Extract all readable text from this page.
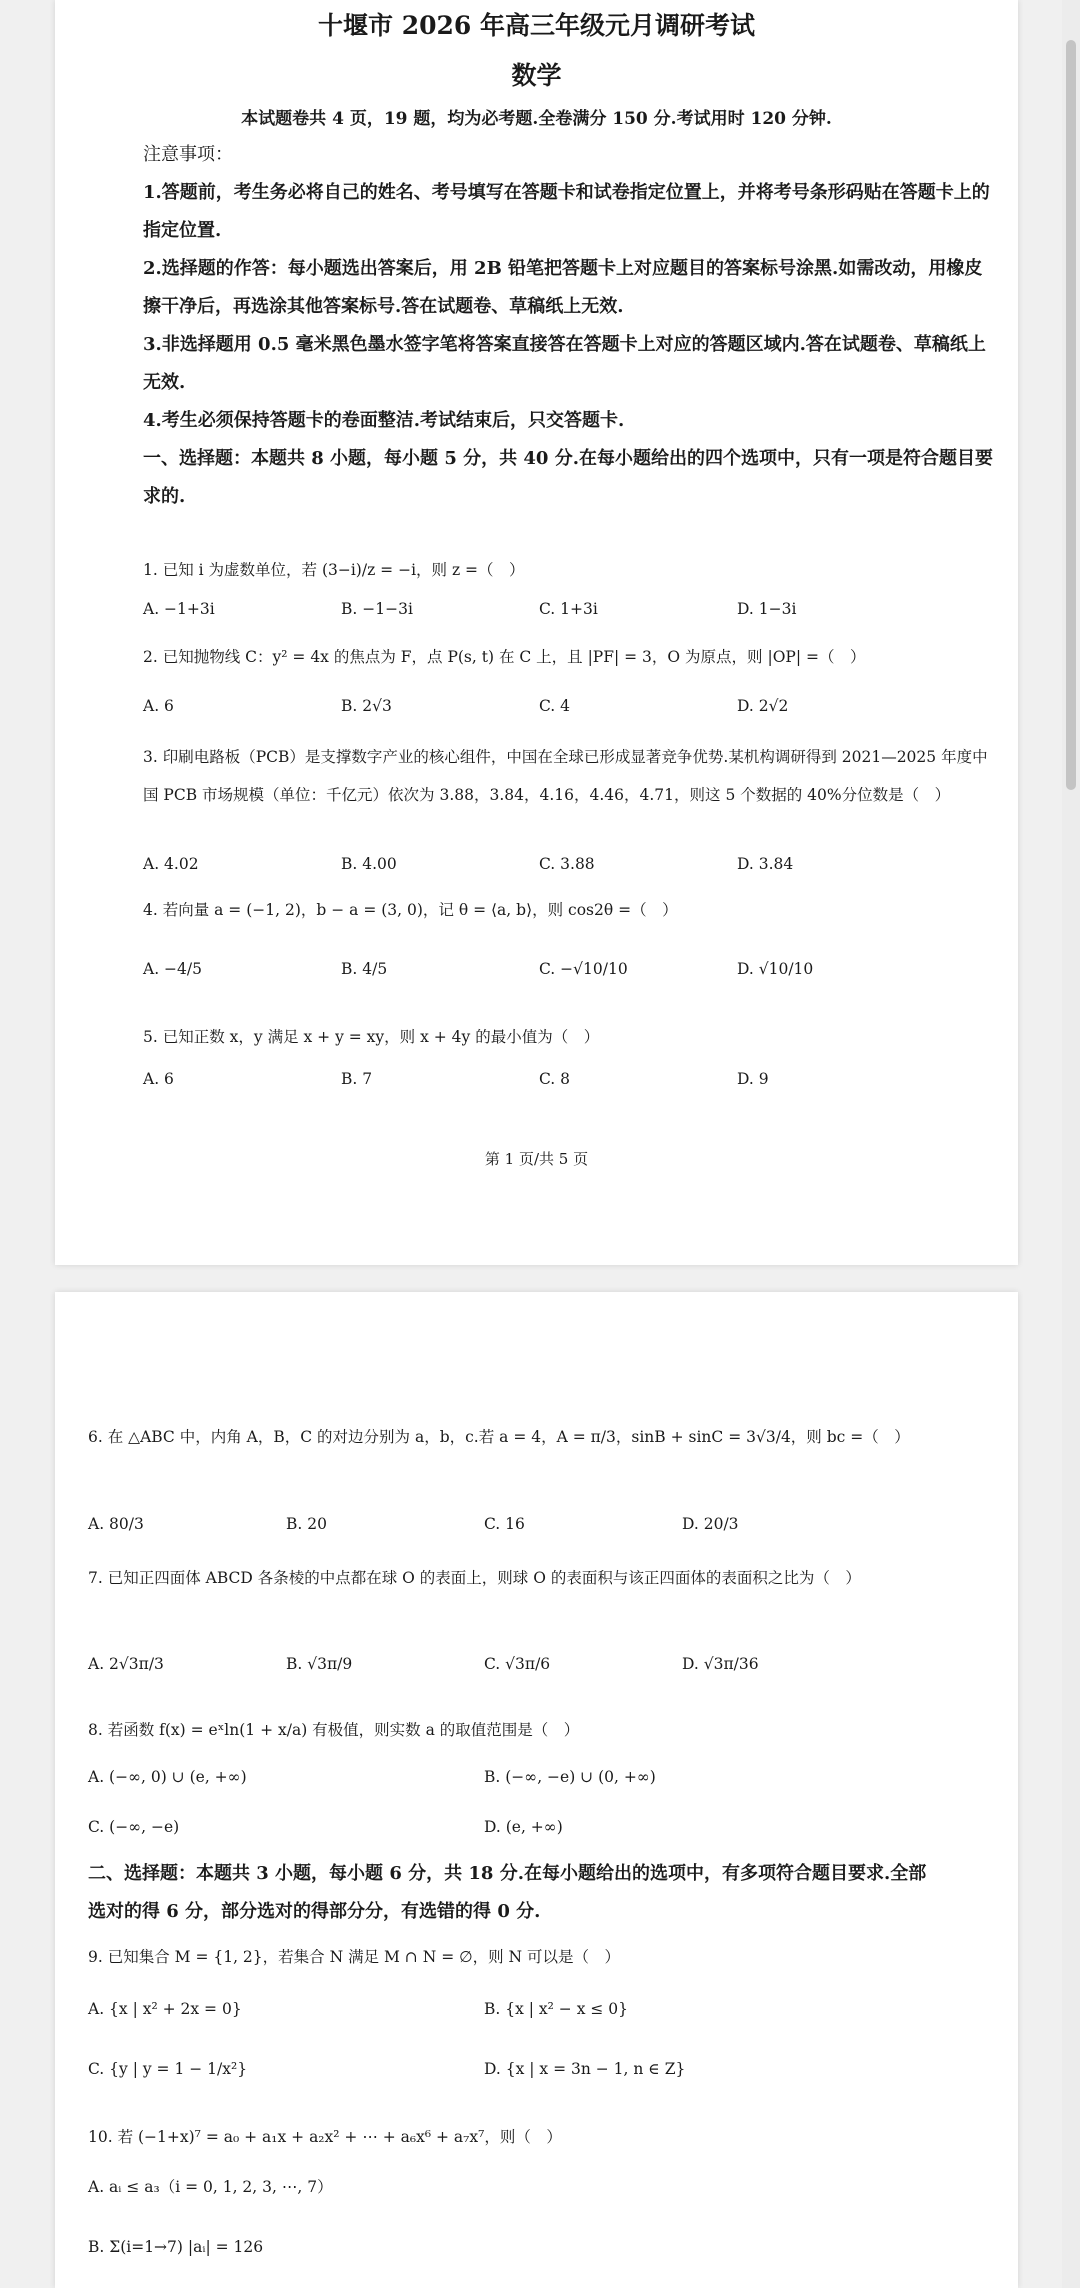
十堰市 2026 年高三年级元月调研考试
数学
本试题卷共 4 页，19 题，均为必考题.全卷满分 150 分.考试用时 120 分钟.

注意事项：

1.答题前，考生务必将自己的姓名、考号填写在答题卡和试卷指定位置上，并将考号条形码贴在答题卡上的指定位置.

2.选择题的作答：每小题选出答案后，用 2B 铅笔把答题卡上对应题目的答案标号涂黑.如需改动，用橡皮擦干净后，再选涂其他答案标号.答在试题卷、草稿纸上无效.

3.非选择题用 0.5 毫米黑色墨水签字笔将答案直接答在答题卡上对应的答题区域内.答在试题卷、草稿纸上无效.

4.考生必须保持答题卡的卷面整洁.考试结束后，只交答题卡.

一、选择题：本题共 8 小题，每小题 5 分，共 40 分.在每小题给出的四个选项中，只有一项是符合题目要求的.

1. 已知 i 为虚数单位，若 (3−i)/z = −i，则 z =（　）
A. −1+3i	B. −1−3i	C. 1+3i	D. 1−3i
2. 已知抛物线 C：y² = 4x 的焦点为 F，点 P(s, t) 在 C 上，且 |PF| = 3，O 为原点，则 |OP| =（　）
A. 6	B. 2√3	C. 4	D. 2√2
3. 印刷电路板（PCB）是支撑数字产业的核心组件，中国在全球已形成显著竞争优势.某机构调研得到 2021—2025 年度中国 PCB 市场规模（单位：千亿元）依次为 3.88，3.84，4.16，4.46，4.71，则这 5 个数据的 40%分位数是（　）
A. 4.02	B. 4.00	C. 3.88	D. 3.84
4. 若向量 a = (−1, 2)，b − a = (3, 0)，记 θ = ⟨a, b⟩，则 cos2θ =（　）
A. −4/5	B. 4/5	C. −√10/10	D. √10/10
5. 已知正数 x，y 满足 x + y = xy，则 x + 4y 的最小值为（　）
A. 6	B. 7	C. 8	D. 9
第 1 页/共 5 页
6. 在 △ABC 中，内角 A，B，C 的对边分别为 a，b，c.若 a = 4，A = π/3，sinB + sinC = 3√3/4，则 bc =（　）
A. 80/3	B. 20	C. 16	D. 20/3
7. 已知正四面体 ABCD 各条棱的中点都在球 O 的表面上，则球 O 的表面积与该正四面体的表面积之比为（　）
A. 2√3π/3	B. √3π/9	C. √3π/6	D. √3π/36
8. 若函数 f(x) = eˣln(1 + x/a) 有极值，则实数 a 的取值范围是（　）
A. (−∞, 0) ∪ (e, +∞)	B. (−∞, −e) ∪ (0, +∞)
C. (−∞, −e)	D. (e, +∞)

二、选择题：本题共 3 小题，每小题 6 分，共 18 分.在每小题给出的选项中，有多项符合题目要求.全部选对的得 6 分，部分选对的得部分分，有选错的得 0 分.

9. 已知集合 M = {1, 2}，若集合 N 满足 M ∩ N = ∅，则 N 可以是（　）
A. {x | x² + 2x = 0}	B. {x | x² − x ≤ 0}
C. {y | y = 1 − 1/x²}	D. {x | x = 3n − 1, n ∈ Z}
10. 若 (−1+x)⁷ = a₀ + a₁x + a₂x² + ⋯ + a₆x⁶ + a₇x⁷，则（　）
A. aᵢ ≤ a₃（i = 0, 1, 2, 3, ⋯, 7）
B. Σ(i=1→7) |aᵢ| = 126
